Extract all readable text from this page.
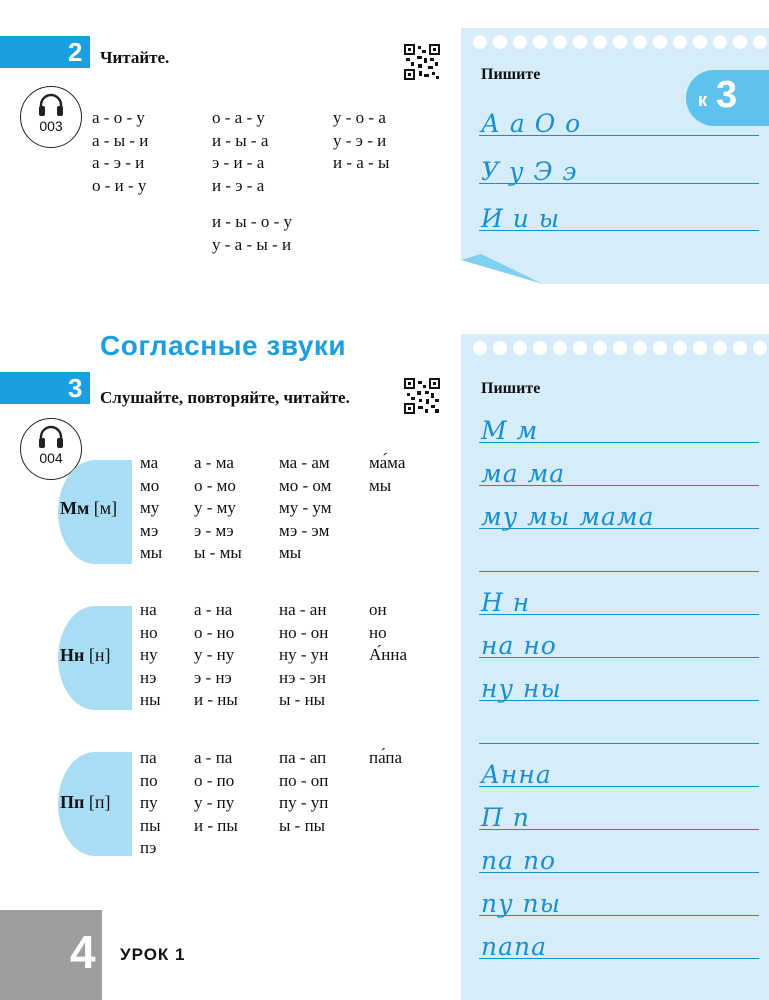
2 Читайте.
003	а - о - у
а - ы - и
а - э - и
о - и - у
о - а - у
и - ы - а
э - и - а
и - э - а
и - ы - о - у
у - а - ы - и
у - о - а
у - э - и
и - а - ы
Согласные звуки
3 Слушайте, повторяйте, читайте.
004
Мм [м]
ма
мо
му
мэ
мы
а - ма
о - мо
у - му
э - мэ
ы - мы
ма - ам
мо - ом
му - ум
мэ - эм
мы
ма́ма
мы
Нн [н]
на
но
ну
нэ
ны
а - на
о - но
у - ну
э - нэ
и - ны
на - ан
но - он
ну - ун
нэ - эн
ы - ны
он
но
А́нна
Пп [п]
па
по
пу
пы
пэ
а - па
о - по
у - пу
и - пы
па - ап
по - оп
пу - уп
ы - пы
па́па
Пишите
А а О о
У у Э э
И и ы
к 3
Пишите
М м
ма ма
му мы мама
Н н
на но
ну ны
Анна
П п
па по
пу пы
папа
4 УРОК 1
